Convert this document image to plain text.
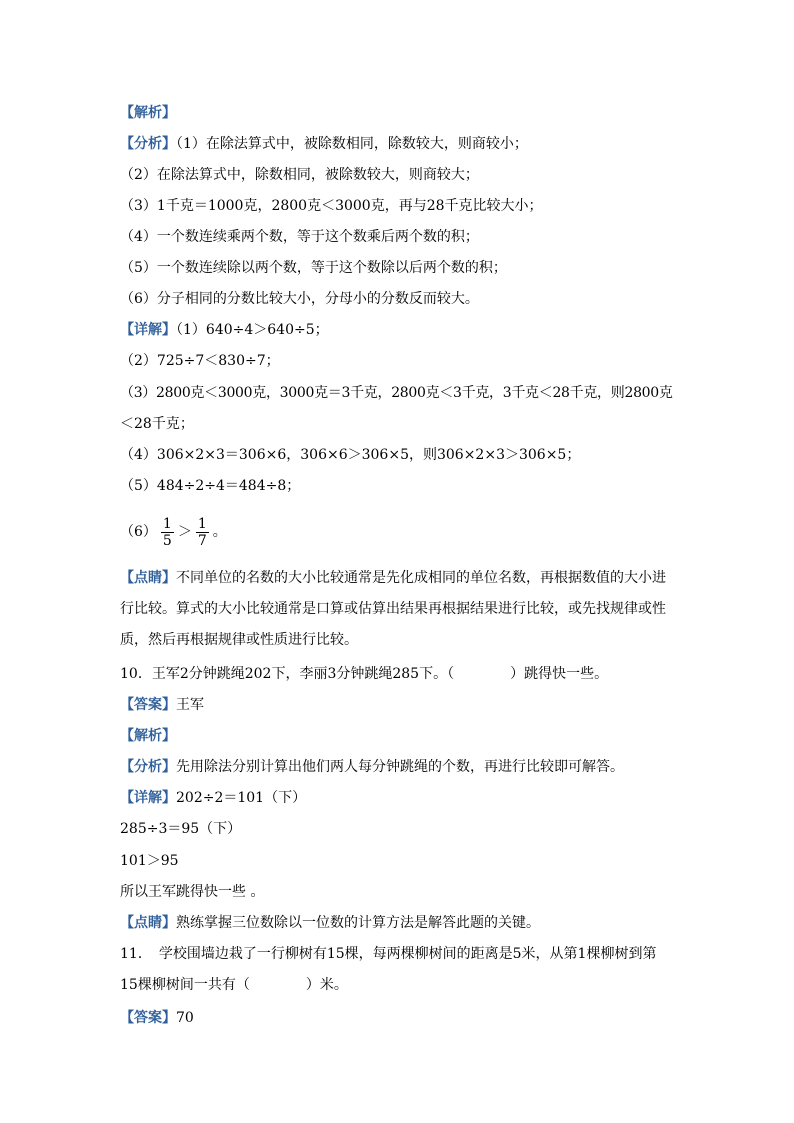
【解析】
【分析】（1）在除法算式中，被除数相同，除数较大，则商较小；
（2）在除法算式中，除数相同，被除数较大，则商较大；
（3）1千克＝1000克，2800克＜3000克，再与28千克比较大小；
（4）一个数连续乘两个数，等于这个数乘后两个数的积；
（5）一个数连续除以两个数，等于这个数除以后两个数的积；
（6）分子相同的分数比较大小，分母小的分数反而较大。
【详解】（1）640÷4＞640÷5；
（2）725÷7＜830÷7；
（3）2800克＜3000克，3000克＝3千克，2800克＜3千克，3千克＜28千克，则2800克
＜28千克；
（4）306×2×3＝306×6，306×6＞306×5，则306×2×3＞306×5；
（5）484÷2÷4＝484÷8；
$(6) \frac{1}{5} > \frac{1}{7}$ 。
【点睛】不同单位的名数的大小比较通常是先化成相同的单位名数，再根据数值的大小进
行比较。算式的大小比较通常是口算或估算出结果再根据结果进行比较，或先找规律或性
质，然后再根据规律或性质进行比较。
10．王军2分钟跳绳202下，李丽3分钟跳绳285下。（　　　　）跳得快一些。
【答案】王军
【解析】
【分析】先用除法分别计算出他们两人每分钟跳绳的个数，再进行比较即可解答。
【详解】202÷2＝101（下）
285÷3＝95（下）
101＞95
所以王军跳得快一些 。
【点睛】熟练掌握三位数除以一位数的计算方法是解答此题的关键。
11．　学校围墙边栽了一行柳树有15棵，每两棵柳树间的距离是5米，从第1棵柳树到第
15棵柳树间一共有（　　　　）米。
【答案】70
